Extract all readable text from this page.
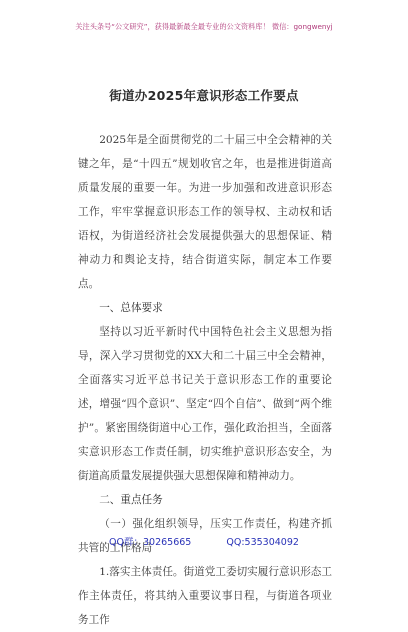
关注头条号“公文研究”，获得最新最全最专业的公文资料库！ 微信：gongwenyj
街道办2025年意识形态工作要点

2025年是全面贯彻党的二十届三中全会精神的关键之年，是“十四五”规划收官之年，也是推进街道高质量发展的重要一年。为进一步加强和改进意识形态工作，牢牢掌握意识形态工作的领导权、主动权和话语权，为街道经济社会发展提供强大的思想保证、精神动力和舆论支持，结合街道实际，制定本工作要点。

一、总体要求

坚持以习近平新时代中国特色社会主义思想为指导，深入学习贯彻党的XX大和二十届三中全会精神，全面落实习近平总书记关于意识形态工作的重要论述，增强“四个意识”、坚定“四个自信”、做到“两个维护”。紧密围绕街道中心工作，强化政治担当，全面落实意识形态工作责任制，切实维护意识形态安全，为街道高质量发展提供强大思想保障和精神动力。

二、重点任务

（一）强化组织领导，压实工作责任，构建齐抓共管的工作格局

1.落实主体责任。街道党工委切实履行意识形态工作主体责任，将其纳入重要议事日程，与街道各项业务工作

QQ群：30265665	QQ:535304092
